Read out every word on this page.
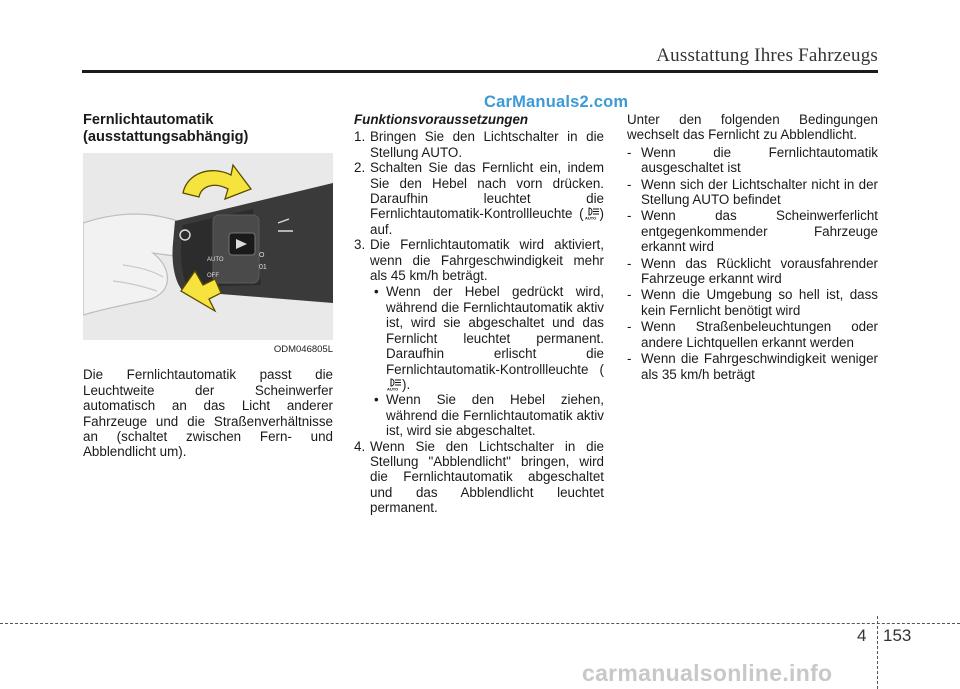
Ausstattung Ihres Fahrzeugs
CarManuals2.com

Fernlichtautomatik (ausstattungsabhängig)

AUTO
OFF
O
01

ODM046805L

Die Fernlichtautomatik passt die Leuchtweite der Scheinwerfer automatisch an das Licht anderer Fahrzeuge und die Straßenverhältnisse an (schaltet zwischen Fern- und Abblendlicht um).

Funktionsvoraussetzungen

1. Bringen Sie den Lichtschalter in die Stellung AUTO.
2. Schalten Sie das Fernlicht ein, indem Sie den Hebel nach vorn drücken. Daraufhin leuchtet die Fernlichtautomatik-Kontrollleuchte ( AUTO ) auf.
3. Die Fernlichtautomatik wird aktiviert, wenn die Fahrgeschwindigkeit mehr als 45 km/h beträgt.
• Wenn der Hebel gedrückt wird, während die Fernlichtautomatik aktiv ist, wird sie abgeschaltet und das Fernlicht leuchtet permanent. Daraufhin erlischt die Fernlichtautomatik-Kontrollleuchte (
AUTO ).
• Wenn Sie den Hebel ziehen, während die Fernlichtautomatik aktiv ist, wird sie abgeschaltet.
4. Wenn Sie den Lichtschalter in die Stellung "Abblendlicht" bringen, wird die Fernlichtautomatik abgeschaltet und das Abblendlicht leuchtet permanent.

Unter den folgenden Bedingungen wechselt das Fernlicht zu Abblendlicht.

- Wenn die Fernlichtautomatik ausgeschaltet ist
- Wenn sich der Lichtschalter nicht in der Stellung AUTO befindet
- Wenn das Scheinwerferlicht entgegenkommender Fahrzeuge erkannt wird
- Wenn das Rücklicht vorausfahrender Fahrzeuge erkannt wird
- Wenn die Umgebung so hell ist, dass kein Fernlicht benötigt wird
- Wenn Straßenbeleuchtungen oder andere Lichtquellen erkannt werden
- Wenn die Fahrgeschwindigkeit weniger als 35 km/h beträgt
4 153
carmanualsonline.info
